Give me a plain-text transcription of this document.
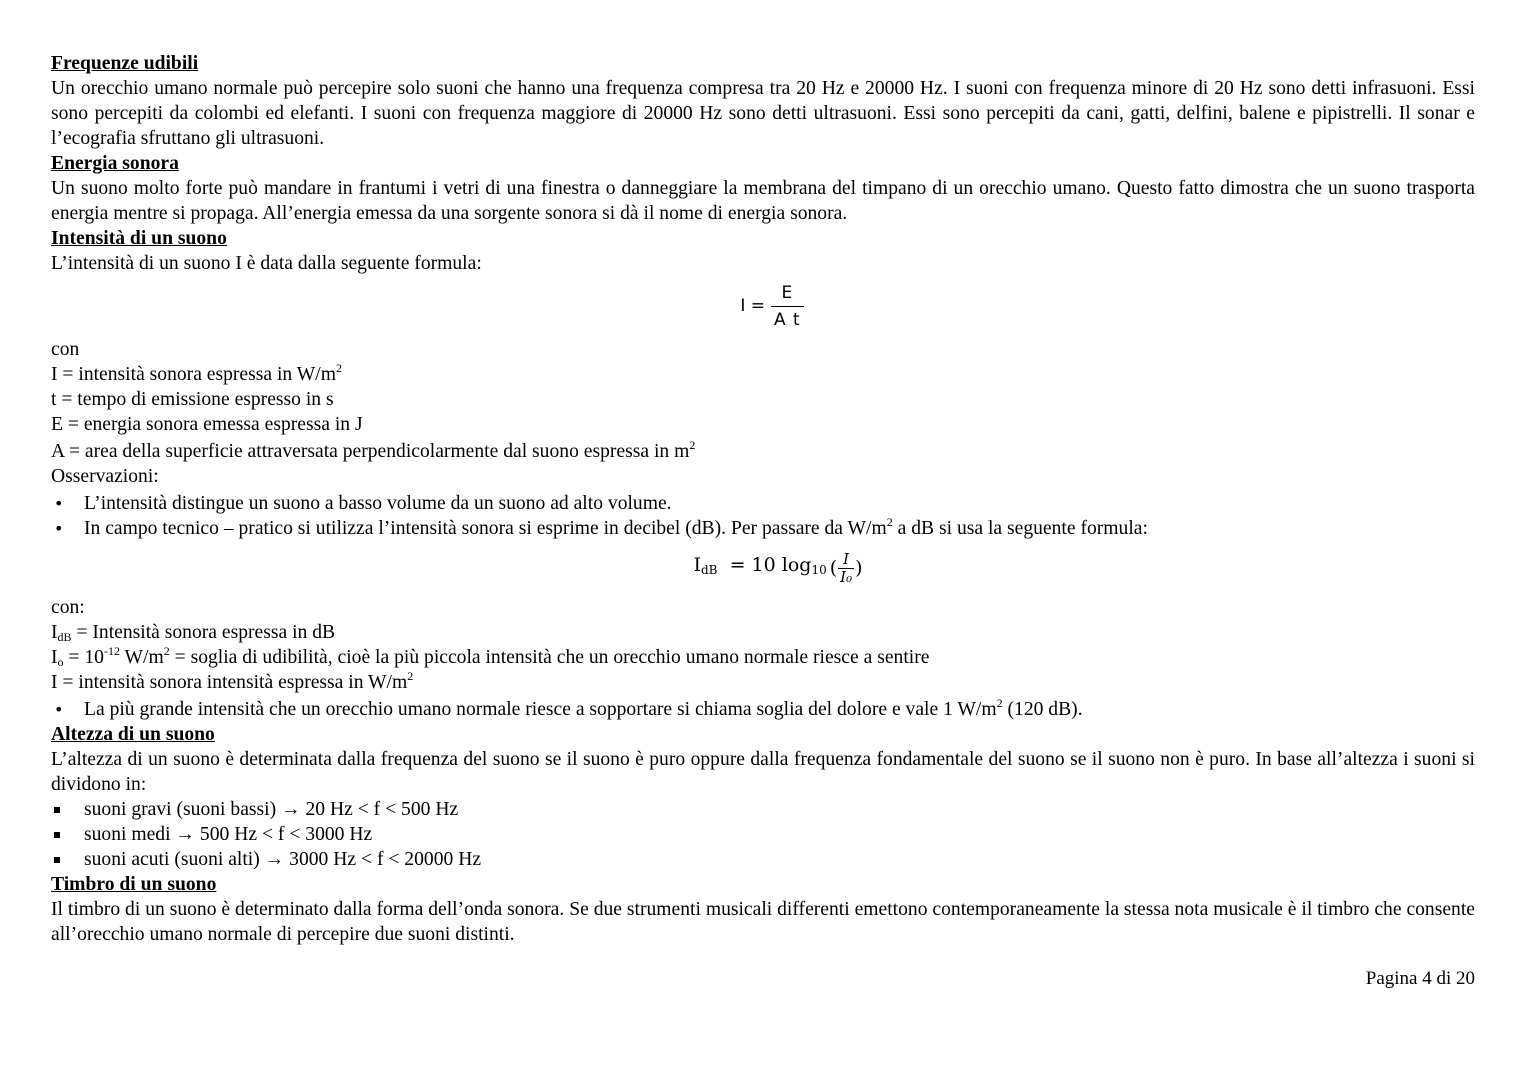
Frequenze udibili

Un orecchio umano normale può percepire solo suoni che hanno una frequenza compresa tra 20 Hz e 20000 Hz. I suoni con frequenza minore di 20 Hz sono detti infrasuoni. Essi sono percepiti da colombi ed elefanti. I suoni con frequenza maggiore di 20000 Hz sono detti ultrasuoni. Essi sono percepiti da cani, gatti, delfini, balene e pipistrelli. Il sonar e l’ecografia sfruttano gli ultrasuoni.

Energia sonora

Un suono molto forte può mandare in frantumi i vetri di una finestra o danneggiare la membrana del timpano di un orecchio umano. Questo fatto dimostra che un suono trasporta energia mentre si propaga. All’energia emessa da una sorgente sonora si dà il nome di energia sonora.

Intensità di un suono

L’intensità di un suono I è data dalla seguente formula:

$I = \frac{E}{\text{A t}}$

con

I = intensità sonora espressa in $W/m^2$

t = tempo di emissione espresso in s

E = energia sonora emessa espressa in J

A = area della superficie attraversata perpendicolarmente dal suono espressa in $m^2$

Osservazioni:

• L’intensità distingue un suono a basso volume da un suono ad alto volume.
• In campo tecnico – pratico si utilizza l’intensità sonora si esprime in decibel (dB). Per passare da $W/m^2$ a dB si usa la seguente formula:
$I_{dB} = 10$ $\log_{10}$ ( $\frac{I}{\text{I₀}}$ )

con:

$I_{dB}$ = Intensità sonora espressa in dB

$I_o = 10^{-12}$ $W/m^2$ = soglia di udibilità, cioè la più piccola intensità che un orecchio umano normale riesce a sentire

I = intensità sonora intensità espressa in $W/m^2$

• La più grande intensità che un orecchio umano normale riesce a sopportare si chiama soglia del dolore e vale 1 $W/m^2$ (120 dB).
Altezza di un suono

L’altezza di un suono è determinata dalla frequenza del suono se il suono è puro oppure dalla frequenza fondamentale del suono se il suono non è puro. In base all’altezza i suoni si dividono in:

suoni gravi (suoni bassi) → 20 Hz < f < 500 Hz
suoni medi → 500 Hz < f < 3000 Hz
suoni acuti (suoni alti) → 3000 Hz < f < 20000 Hz
Timbro di un suono

Il timbro di un suono è determinato dalla forma dell’onda sonora. Se due strumenti musicali differenti emettono contemporaneamente la stessa nota musicale è il timbro che consente all’orecchio umano normale di percepire due suoni distinti.

Pagina 4 di 20
